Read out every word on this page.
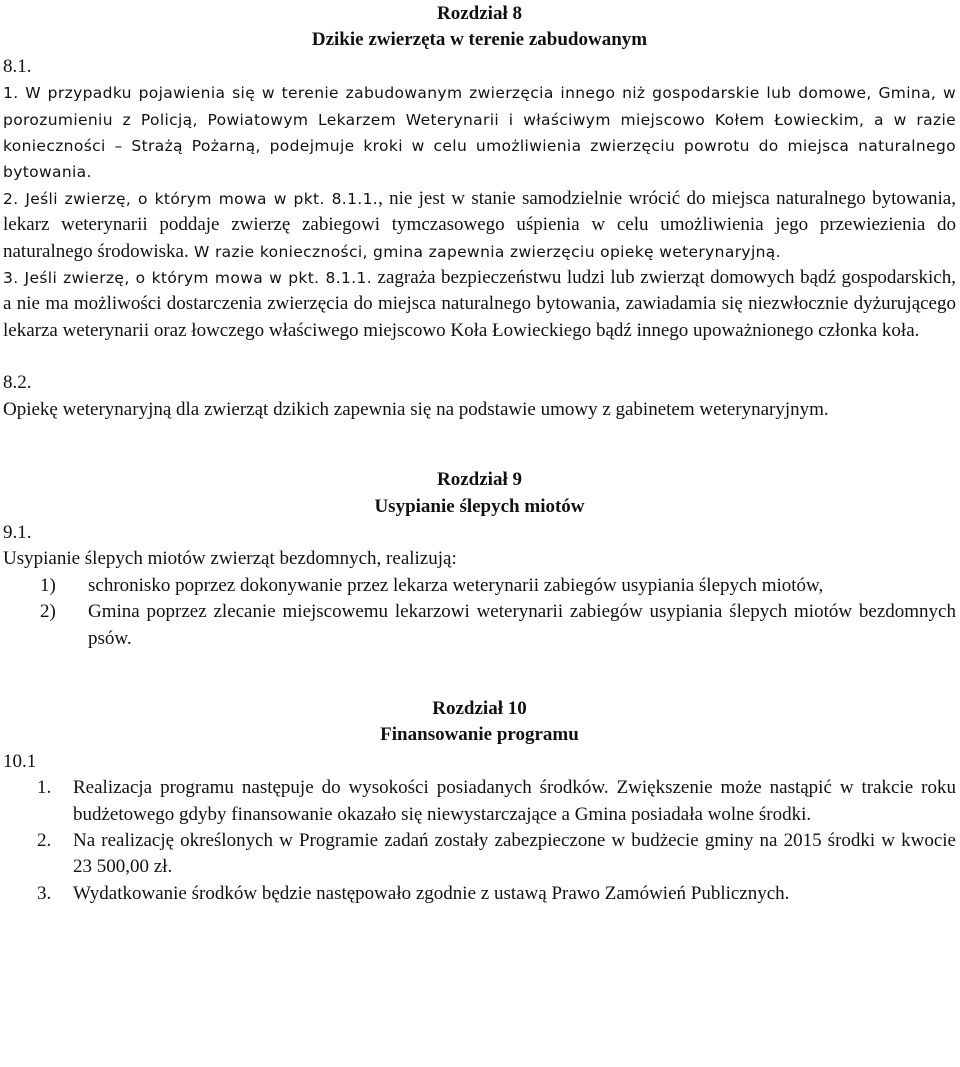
Rozdział 8

Dzikie zwierzęta w terenie zabudowanym

8.1.

1. W przypadku pojawienia się w terenie zabudowanym zwierzęcia innego niż gospodarskie lub domowe, Gmina, w porozumieniu z Policją, Powiatowym Lekarzem Weterynarii i właściwym miejscowo Kołem Łowieckim, a w razie konieczności – Strażą Pożarną, podejmuje kroki w celu umożliwienia zwierzęciu powrotu do miejsca naturalnego bytowania.

2. Jeśli zwierzę, o którym mowa w pkt. 8.1.1., nie jest w stanie samodzielnie wrócić do miejsca naturalnego bytowania, lekarz weterynarii poddaje zwierzę zabiegowi tymczasowego uśpienia w celu umożliwienia jego przewiezienia do naturalnego środowiska. W razie konieczności, gmina zapewnia zwierzęciu opiekę weterynaryjną.

3. Jeśli zwierzę, o którym mowa w pkt. 8.1.1. zagraża bezpieczeństwu ludzi lub zwierząt domowych bądź gospodarskich, a nie ma możliwości dostarczenia zwierzęcia do miejsca naturalnego bytowania, zawiadamia się niezwłocznie dyżurującego lekarza weterynarii oraz łowczego właściwego miejscowo Koła Łowieckiego bądź innego upoważnionego członka koła.

8.2.

Opiekę weterynaryjną dla zwierząt dzikich zapewnia się na podstawie umowy z gabinetem weterynaryjnym.

Rozdział 9

Usypianie ślepych miotów

9.1.

Usypianie ślepych miotów zwierząt bezdomnych, realizują:

1)	schronisko poprzez dokonywanie przez lekarza weterynarii zabiegów usypiania ślepych miotów,
2)	Gmina poprzez zlecanie miejscowemu lekarzowi weterynarii zabiegów usypiania ślepych miotów bezdomnych psów.

Rozdział 10

Finansowanie programu

10.1

1.	Realizacja programu następuje do wysokości posiadanych środków. Zwiększenie może nastąpić w trakcie roku budżetowego gdyby finansowanie okazało się niewystarczające a Gmina posiadała wolne środki.
2.	Na realizację określonych w Programie zadań zostały zabezpieczone w budżecie gminy na 2015 środki w kwocie 23 500,00 zł.
3.	Wydatkowanie środków będzie następowało zgodnie z ustawą Prawo Zamówień Publicznych.
